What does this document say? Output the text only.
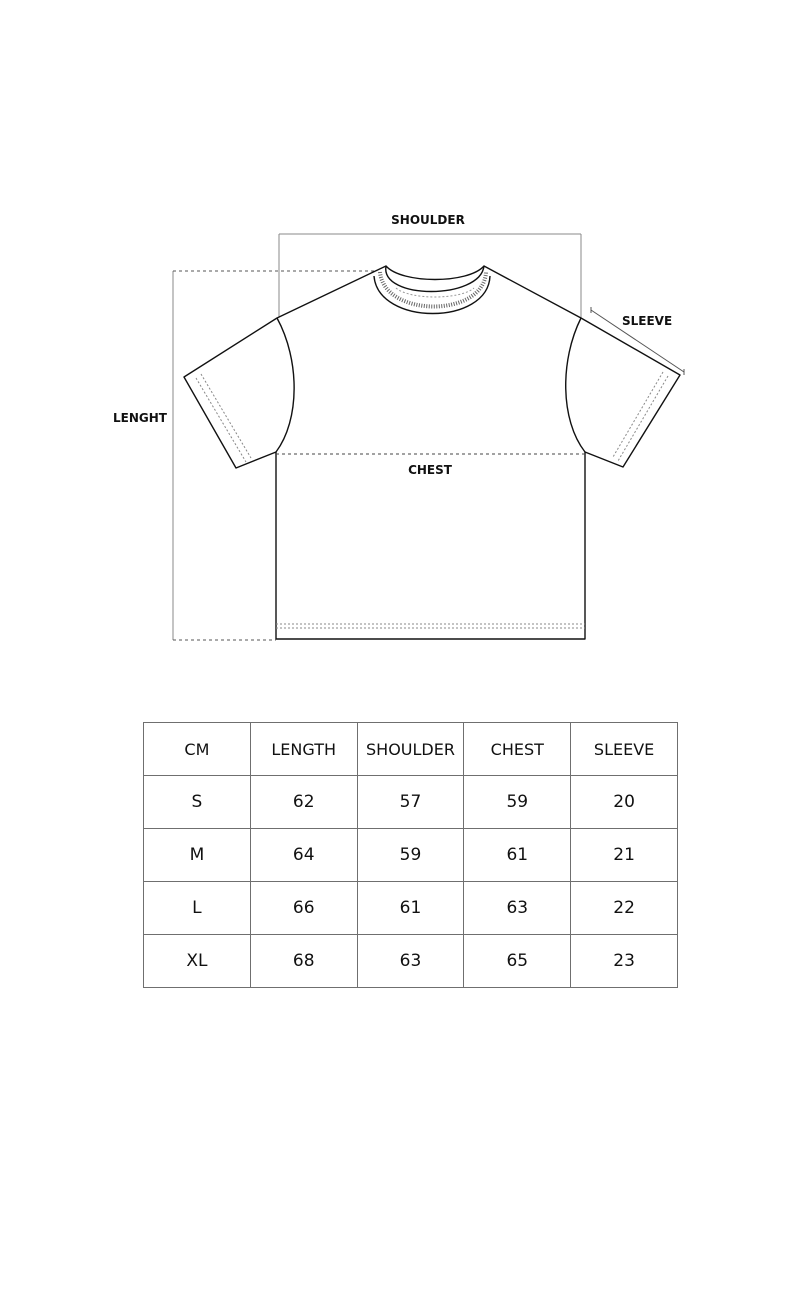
SHOULDER
SLEEVE
LENGHT
CHEST
CM	LENGTH	SHOULDER	CHEST	SLEEVE
S	62	57	59	20
M	64	59	61	21
L	66	61	63	22
XL	68	63	65	23
